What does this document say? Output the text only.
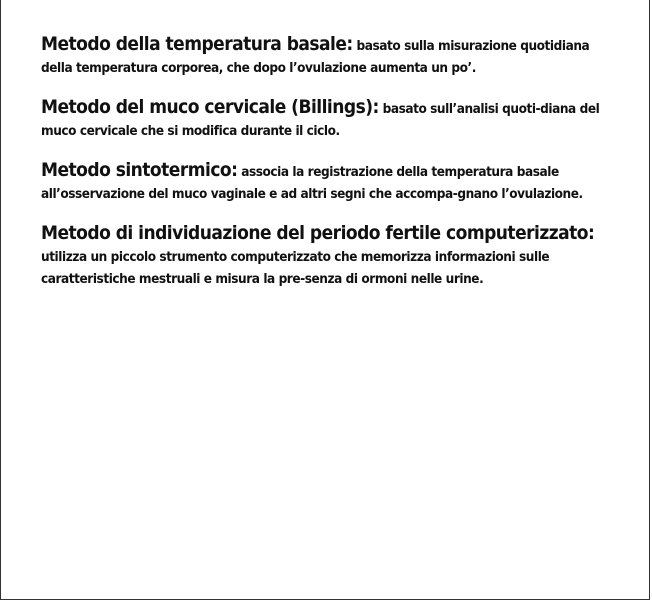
Metodo della temperatura basale: basato sulla misurazione quotidiana della temperatura corporea, che dopo l’ovulazione aumenta un po’.

Metodo del muco cervicale (Billings): basato sull’analisi quoti-diana del muco cervicale che si modifica durante il ciclo.

Metodo sintotermico: associa la registrazione della temperatura basale all’osservazione del muco vaginale e ad altri segni che accompa-gnano l’ovulazione.

Metodo di individuazione del periodo fertile computerizzato: utilizza un piccolo strumento computerizzato che memorizza informazioni sulle caratteristiche mestruali e misura la pre-senza di ormoni nelle urine.
